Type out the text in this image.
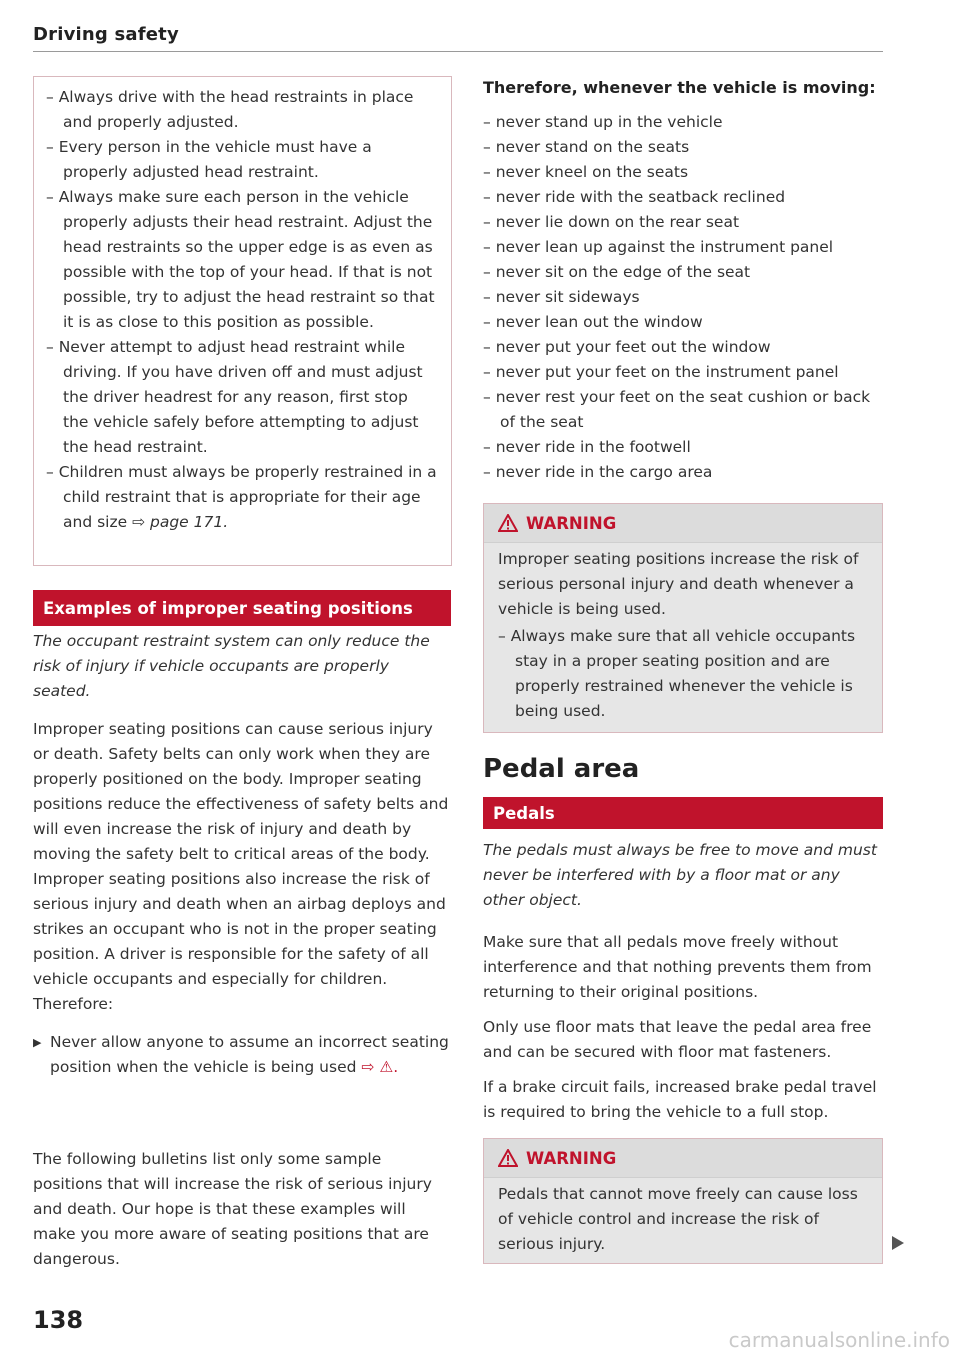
Driving safety
– Always drive with the head restraints in place and properly adjusted.
– Every person in the vehicle must have a properly adjusted head restraint.
– Always make sure each person in the vehicle properly adjusts their head restraint. Adjust the head restraints so the upper edge is as even as possible with the top of your head. If that is not possible, try to adjust the head restraint so that it is as close to this position as possible.
– Never attempt to adjust head restraint while driving. If you have driven off and must adjust the driver headrest for any reason, first stop the vehicle safely before attempting to adjust the head restraint.
– Children must always be properly restrained in a child restraint that is appropriate for their age and size ⇨ page 171.
Examples of improper seating positions
The occupant restraint system can only reduce the risk of injury if vehicle occupants are properly seated.

Improper seating positions can cause serious injury or death. Safety belts can only work when they are properly positioned on the body. Improper seating positions reduce the effectiveness of safety belts and will even increase the risk of injury and death by moving the safety belt to critical areas of the body. Improper seating positions also increase the risk of serious injury and death when an airbag deploys and strikes an occupant who is not in the proper seating position. A driver is responsible for the safety of all vehicle occupants and especially for children. Therefore:

▶ Never allow anyone to assume an incorrect seating position when the vehicle is being used ⇨ ⚠.

The following bulletins list only some sample positions that will increase the risk of serious injury and death. Our hope is that these examples will make you more aware of seating positions that are dangerous.

Therefore, whenever the vehicle is moving:
– never stand up in the vehicle
– never stand on the seats
– never kneel on the seats
– never ride with the seatback reclined
– never lie down on the rear seat
– never lean up against the instrument panel
– never sit on the edge of the seat
– never sit sideways
– never lean out the window
– never put your feet out the window
– never put your feet on the instrument panel
– never rest your feet on the seat cushion or back of the seat
– never ride in the footwell
– never ride in the cargo area
WARNING

Improper seating positions increase the risk of serious personal injury and death whenever a vehicle is being used.

– Always make sure that all vehicle occupants stay in a proper seating position and are properly restrained whenever the vehicle is being used.
Pedal area
Pedals
The pedals must always be free to move and must never be interfered with by a floor mat or any other object.

Make sure that all pedals move freely without interference and that nothing prevents them from returning to their original positions.

Only use floor mats that leave the pedal area free and can be secured with floor mat fasteners.

If a brake circuit fails, increased brake pedal travel is required to bring the vehicle to a full stop.

WARNING

Pedals that cannot move freely can cause loss of vehicle control and increase the risk of serious injury.

138
carmanualsonline.info
